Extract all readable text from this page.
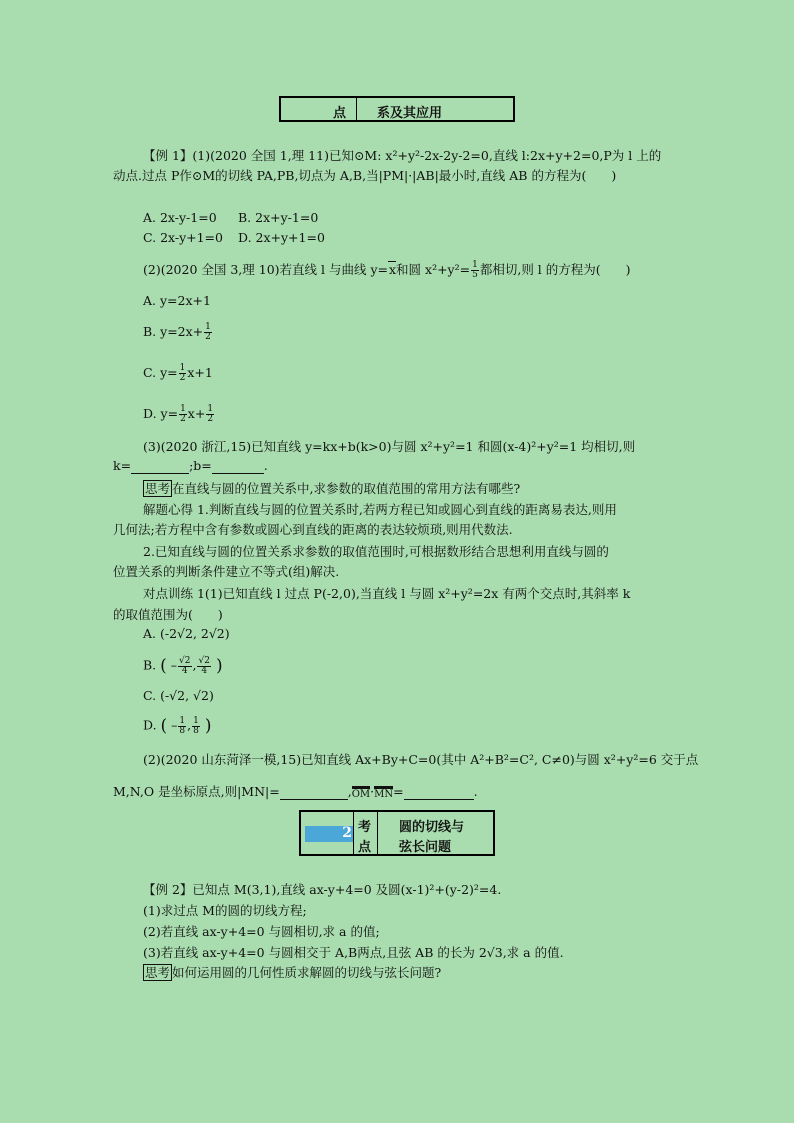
点 系及其应用
【例 1】(1)(2020 全国 1,理 11)已知⊙M: x²+y²-2x-2y-2=0,直线 l:2x+y+2=0,P为 l 上的
动点.过点 P作⊙M的切线 PA,PB,切点为 A,B,当|PM|·|AB|最小时,直线 AB 的方程为(　　)
A. 2x-y-1=0 B. 2x+y-1=0
C. 2x-y+1=0 D. 2x+y+1=0
(2)(2020 全国 3,理 10)若直线 l 与曲线 y=x和圆 $x^2+y^2= \frac{1}{5}$ 都相切,则 l 的方程为(　　)
A. y=2x+1
B. $y=2x+ \frac{1}{2}$
C. $y= \frac{1}{2} x+1$
D. $y= \frac{1}{2} x+ \frac{1}{2}$
(3)(2020 浙江,15)已知直线 y=kx+b(k>0)与圆 x²+y²=1 和圆(x-4)²+y²=1 均相切,则
k=	;b=	.
思考 在直线与圆的位置关系中,求参数的取值范围的常用方法有哪些?
解题心得 1.判断直线与圆的位置关系时,若两方程已知或圆心到直线的距离易表达,则用
几何法;若方程中含有参数或圆心到直线的距离的表达较烦琐,则用代数法.
2.已知直线与圆的位置关系求参数的取值范围时,可根据数形结合思想利用直线与圆的
位置关系的判断条件建立不等式(组)解决.
对点训练 1(1)已知直线 l 过点 P(-2,0),当直线 l 与圆 x²+y²=2x 有两个交点时,其斜率 k
的取值范围为(　　)
A. (-2√2, 2√2)
B. ( – $\frac{√2}{4}$ , $\frac{√2}{4}$ )
C. (-√2, √2)
D. ( – $\frac{1}{8}$ , $\frac{1}{8}$ )
(2)(2020 山东菏泽一模,15)已知直线 Ax+By+C=0(其中 A²+B²=C², C≠0)与圆 x²+y²=6 交于点
M,N,O 是坐标原点,则|MN|=	,
OM·
MN=	.
2 考
点
圆的切线与
弦长问题
【例 2】已知点 M(3,1),直线 ax-y+4=0 及圆(x-1)²+(y-2)²=4.
(1)求过点 M的圆的切线方程;
(2)若直线 ax-y+4=0 与圆相切,求 a 的值;
(3)若直线 ax-y+4=0 与圆相交于 A,B两点,且弦 AB 的长为 2√3,求 a 的值.
思考 如何运用圆的几何性质求解圆的切线与弦长问题?
